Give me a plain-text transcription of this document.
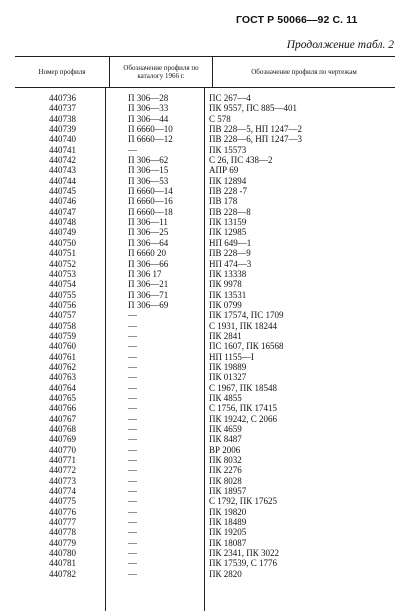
ГОСТ Р 50066—92 С. 11
Продолжение табл. 2
Номер профиля	Обозначение профиля по каталогу 1966 г.	Обозначение профиля по чертежам
440736	П 306—28	ПС 267—4
440737	П 306—33	ПК 9557, ПС 885—401
440738	П 306—44	С 578
440739	П 6660—10	ПВ 228—5, НП 1247—2
440740	П 6660—12	ПВ 228—6, НП 1247—3
440741	—	ПК 15573
440742	П 306—62	С 26, ПС 438—2
440743	П 306—15	АПР 69
440744	П 306—53	ПК 12894
440745	П 6660—14	ПВ 228 -7
440746	П 6660—16	ПВ 178
440747	П 6660—18	ПВ 228—8
440748	П 306—11	ПК 13159
440749	П 306—25	ПК 12985
440750	П 306—64	НП 649—1
440751	П 6660 20	ПВ 228—9
440752	П 306—66	НП 474—3
440753	П 306 17	ПК 13338
440754	П 306—21	ПК 9978
440755	П 306—71	ПК 13531
440756	П 306—69	ПК 0799
440757	—	ПК 17574, ПС 1709
440758	—	С 1931, ПК 18244
440759	—	ПК 2841
440760	—	ПС 1607, ПК 16568
440761	—	НП 1155—I
440762	—	ПК 19889
440763	—	ПК 01327
440764	—	С 1967, ПК 18548
440765	—	ПК 4855
440766	—	С 1756, ПК 17415
440767	—	ПК 19242, С 2066
440768	—	ПК 4659
440769	—	ПК 8487
440770	—	ВР 2006
440771	—	ПК 8032
440772	—	ПК 2276
440773	—	ПК 8028
440774	—	ПК 18957
440775	—	С 1792, ПК 17625
440776	—	ПК 19820
440777	—	ПК 18489
440778	—	ПК 19205
440779	—	ПК 18087
440780	—	ПК 2341, ПК 3022
440781	—	ПК 17539, С 1776
440782	—	ПК 2820
